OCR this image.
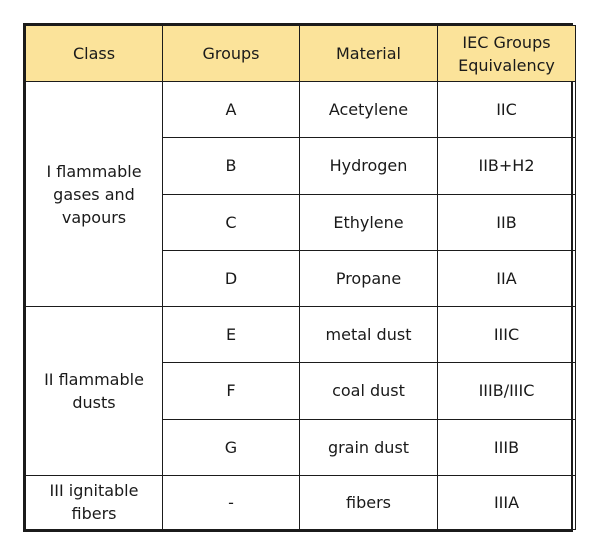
Class	Groups	Material	IEC Groups
Equivalency
I flammable
gases and
vapours	A	Acetylene	IIC
	B	Hydrogen	IIB+H2
	C	Ethylene	IIB
	D	Propane	IIA
II flammable
dusts	E	metal dust	IIIC
	F	coal dust	IIIB/IIIC
	G	grain dust	IIIB
III ignitable
fibers	-	fibers	IIIA
